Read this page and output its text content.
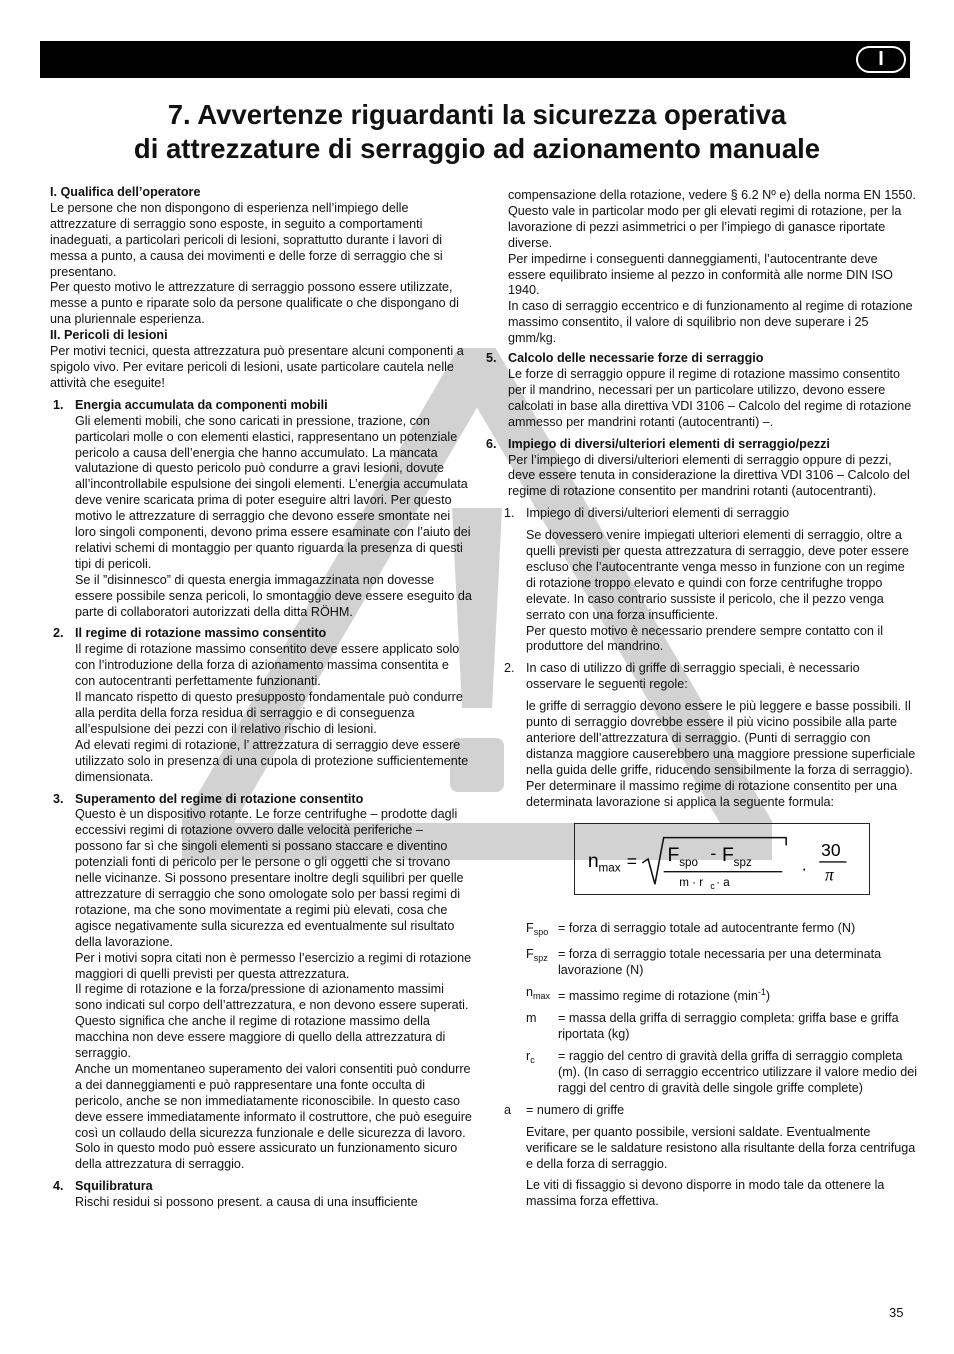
I
7. Avvertenze riguardanti la sicurezza operativa
di attrezzature di serraggio ad azionamento manuale

I. Qualifica dell’operatore

Le persone che non dispongono di esperienza nell’impiego delle attrezzature di serraggio sono esposte, in seguito a comportamenti inadeguati, a particolari pericoli di lesioni, soprattutto durante i lavori di messa a punto, a causa dei movimenti e delle forze di serraggio che si presentano.

Per questo motivo le attrezzature di serraggio possono essere utilizzate, messe a punto e riparate solo da persone qualificate o che dispongano di una pluriennale esperienza.

II. Pericoli di lesioni

Per motivi tecnici, questa attrezzatura può presentare alcuni componenti a spigolo vivo. Per evitare pericoli di lesioni, usate particolare cautela nelle attività che eseguite!

1. Energia accumulata da componenti mobili

Gli elementi mobili, che sono caricati in pressione, trazione, con particolari molle o con elementi elastici, rappresentano un potenziale pericolo a causa dell’energia che hanno accumulato. La mancata valutazione di questo pericolo può condurre a gravi lesioni, dovute all’incontrollabile espulsione dei singoli elementi. L’energia accumulata deve venire scaricata prima di poter eseguire altri lavori. Per questo motivo le attrezzature di serraggio che devono essere smontate nei loro singoli componenti, devono prima essere esaminate con l’aiuto dei relativi schemi di montaggio per quanto riguarda la presenza di questi tipi di pericoli.

Se il ”disinnesco” di questa energia immagazzinata non dovesse essere possibile senza pericoli, lo smontaggio deve essere eseguito da parte di collaboratori autorizzati della ditta RÖHM.

2. Il regime di rotazione massimo consentito

Il regime di rotazione massimo consentito deve essere applicato solo con l’introduzione della forza di azionamento massima consentita e con autocentranti perfettamente funzionanti.

Il mancato rispetto di questo presupposto fondamentale può condurre alla perdita della forza residua di serraggio e di conseguenza all’espulsione dei pezzi con il relativo rischio di lesioni.

Ad elevati regimi di rotazione, l’ attrezzatura di serraggio deve essere utilizzato solo in presenza di una cupola di protezione sufficientemente dimensionata.

3. Superamento del regime di rotazione consentito

Questo è un dispositivo rotante. Le forze centrifughe – prodotte dagli eccessivi regimi di rotazione ovvero dalle velocità periferiche – possono far sì che singoli elementi si possano staccare e diventino potenziali fonti di pericolo per le persone o gli oggetti che si trovano nelle vicinanze. Si possono presentare inoltre degli squilibri per quelle attrezzature di serraggio che sono omologate solo per bassi regimi di rotazione, ma che sono movimentate a regimi più elevati, cosa che agisce negativamente sulla sicurezza ed eventualmente sul risultato della lavorazione.

Per i motivi sopra citati non è permesso l’esercizio a regimi di rotazione maggiori di quelli previsti per questa attrezzatura.

Il regime di rotazione e la forza/pressione di azionamento massimi sono indicati sul corpo dell’attrezzatura, e non devono essere superati. Questo significa che anche il regime di rotazione massimo della macchina non deve essere maggiore di quello della attrezzatura di serraggio.

Anche un momentaneo superamento dei valori consentiti può condurre a dei danneggiamenti e può rappresentare una fonte occulta di pericolo, anche se non immediatamente riconoscibile. In questo caso deve essere immediatamente informato il costruttore, che può eseguire così un collaudo della sicurezza funzionale e delle sicurezza di lavoro. Solo in questo modo può essere assicurato un funzionamento sicuro della attrezzatura di serraggio.

4. Squilibratura

Rischi residui si possono present. a causa di una insufficiente

compensazione della rotazione, vedere § 6.2 Nº e) della norma EN 1550. Questo vale in particolar modo per gli elevati regimi di rotazione, per la lavorazione di pezzi asimmetrici o per l’impiego di ganasce riportate diverse.

Per impedirne i conseguenti danneggiamenti, l’autocentrante deve essere equilibrato insieme al pezzo in conformità alle norme DIN ISO 1940.

In caso di serraggio eccentrico e di funzionamento al regime di rotazione massimo consentito, il valore di squilibrio non deve superare i 25 gmm/kg.

5. Calcolo delle necessarie forze di serraggio

Le forze di serraggio oppure il regime di rotazione massimo consentito per il mandrino, necessari per un particolare utilizzo, devono essere calcolati in base alla direttiva VDI 3106 – Calcolo del regime di rotazione ammesso per mandrini rotanti (autocentranti) –.

6. Impiego di diversi/ulteriori elementi di serraggio/pezzi

Per l’impiego di diversi/ulteriori elementi di serraggio oppure di pezzi, deve essere tenuta in considerazione la direttiva VDI 3106 – Calcolo del regime di rotazione consentito per mandrini rotanti (autocentranti).

1. Impiego di diversi/ulteriori elementi di serraggio

Se dovessero venire impiegati ulteriori elementi di serraggio, oltre a quelli previsti per questa attrezzatura di serraggio, deve poter essere escluso che l’autocentrante venga messo in funzione con un regime di rotazione troppo elevato e quindi con forze centrifughe troppo elevate. In caso contrario sussiste il pericolo, che il pezzo venga serrato con una forza insufficiente.

Per questo motivo è necessario prendere sempre contatto con il produttore del mandrino.

2. In caso di utilizzo di griffe di serraggio speciali, è necessario osservare le seguenti regole:

le griffe di serraggio devono essere le più leggere e basse possibili. Il punto di serraggio dovrebbe essere il più vicino possibile alla parte anteriore dell’attrezzatura di serraggio. (Punti di serraggio con distanza maggiore causerebbero una maggiore pressione superficiale nella guida delle griffe, riducendo sensibilmente la forza di serraggio).

Per determinare il massimo regime di rotazione consentito per una determinata lavorazione si applica la seguente formula:

n max = F spo - F spz
m · r c · a
.
30
π
$F_{spo}$ = forza di serraggio totale ad autocentrante fermo (N)
$F_{spz}$ = forza di serraggio totale necessaria per una determinata lavorazione (N)
$n_{max}$ = massimo regime di rotazione $(\min^{-1})$
m	= massa della griffa di serraggio completa: griffa base e griffa riportata (kg)
$r_c$	= raggio del centro di gravità della griffa di serraggio completa (m). (In caso di serraggio eccentrico utilizzare il valore medio dei raggi del centro di gravità delle singole griffe complete)
a	= numero di griffe

Evitare, per quanto possibile, versioni saldate. Eventualmente verificare se le saldature resistono alla risultante della forza centrifuga e della forza di serraggio.

Le viti di fissaggio si devono disporre in modo tale da ottenere la massima forza effettiva.

35
